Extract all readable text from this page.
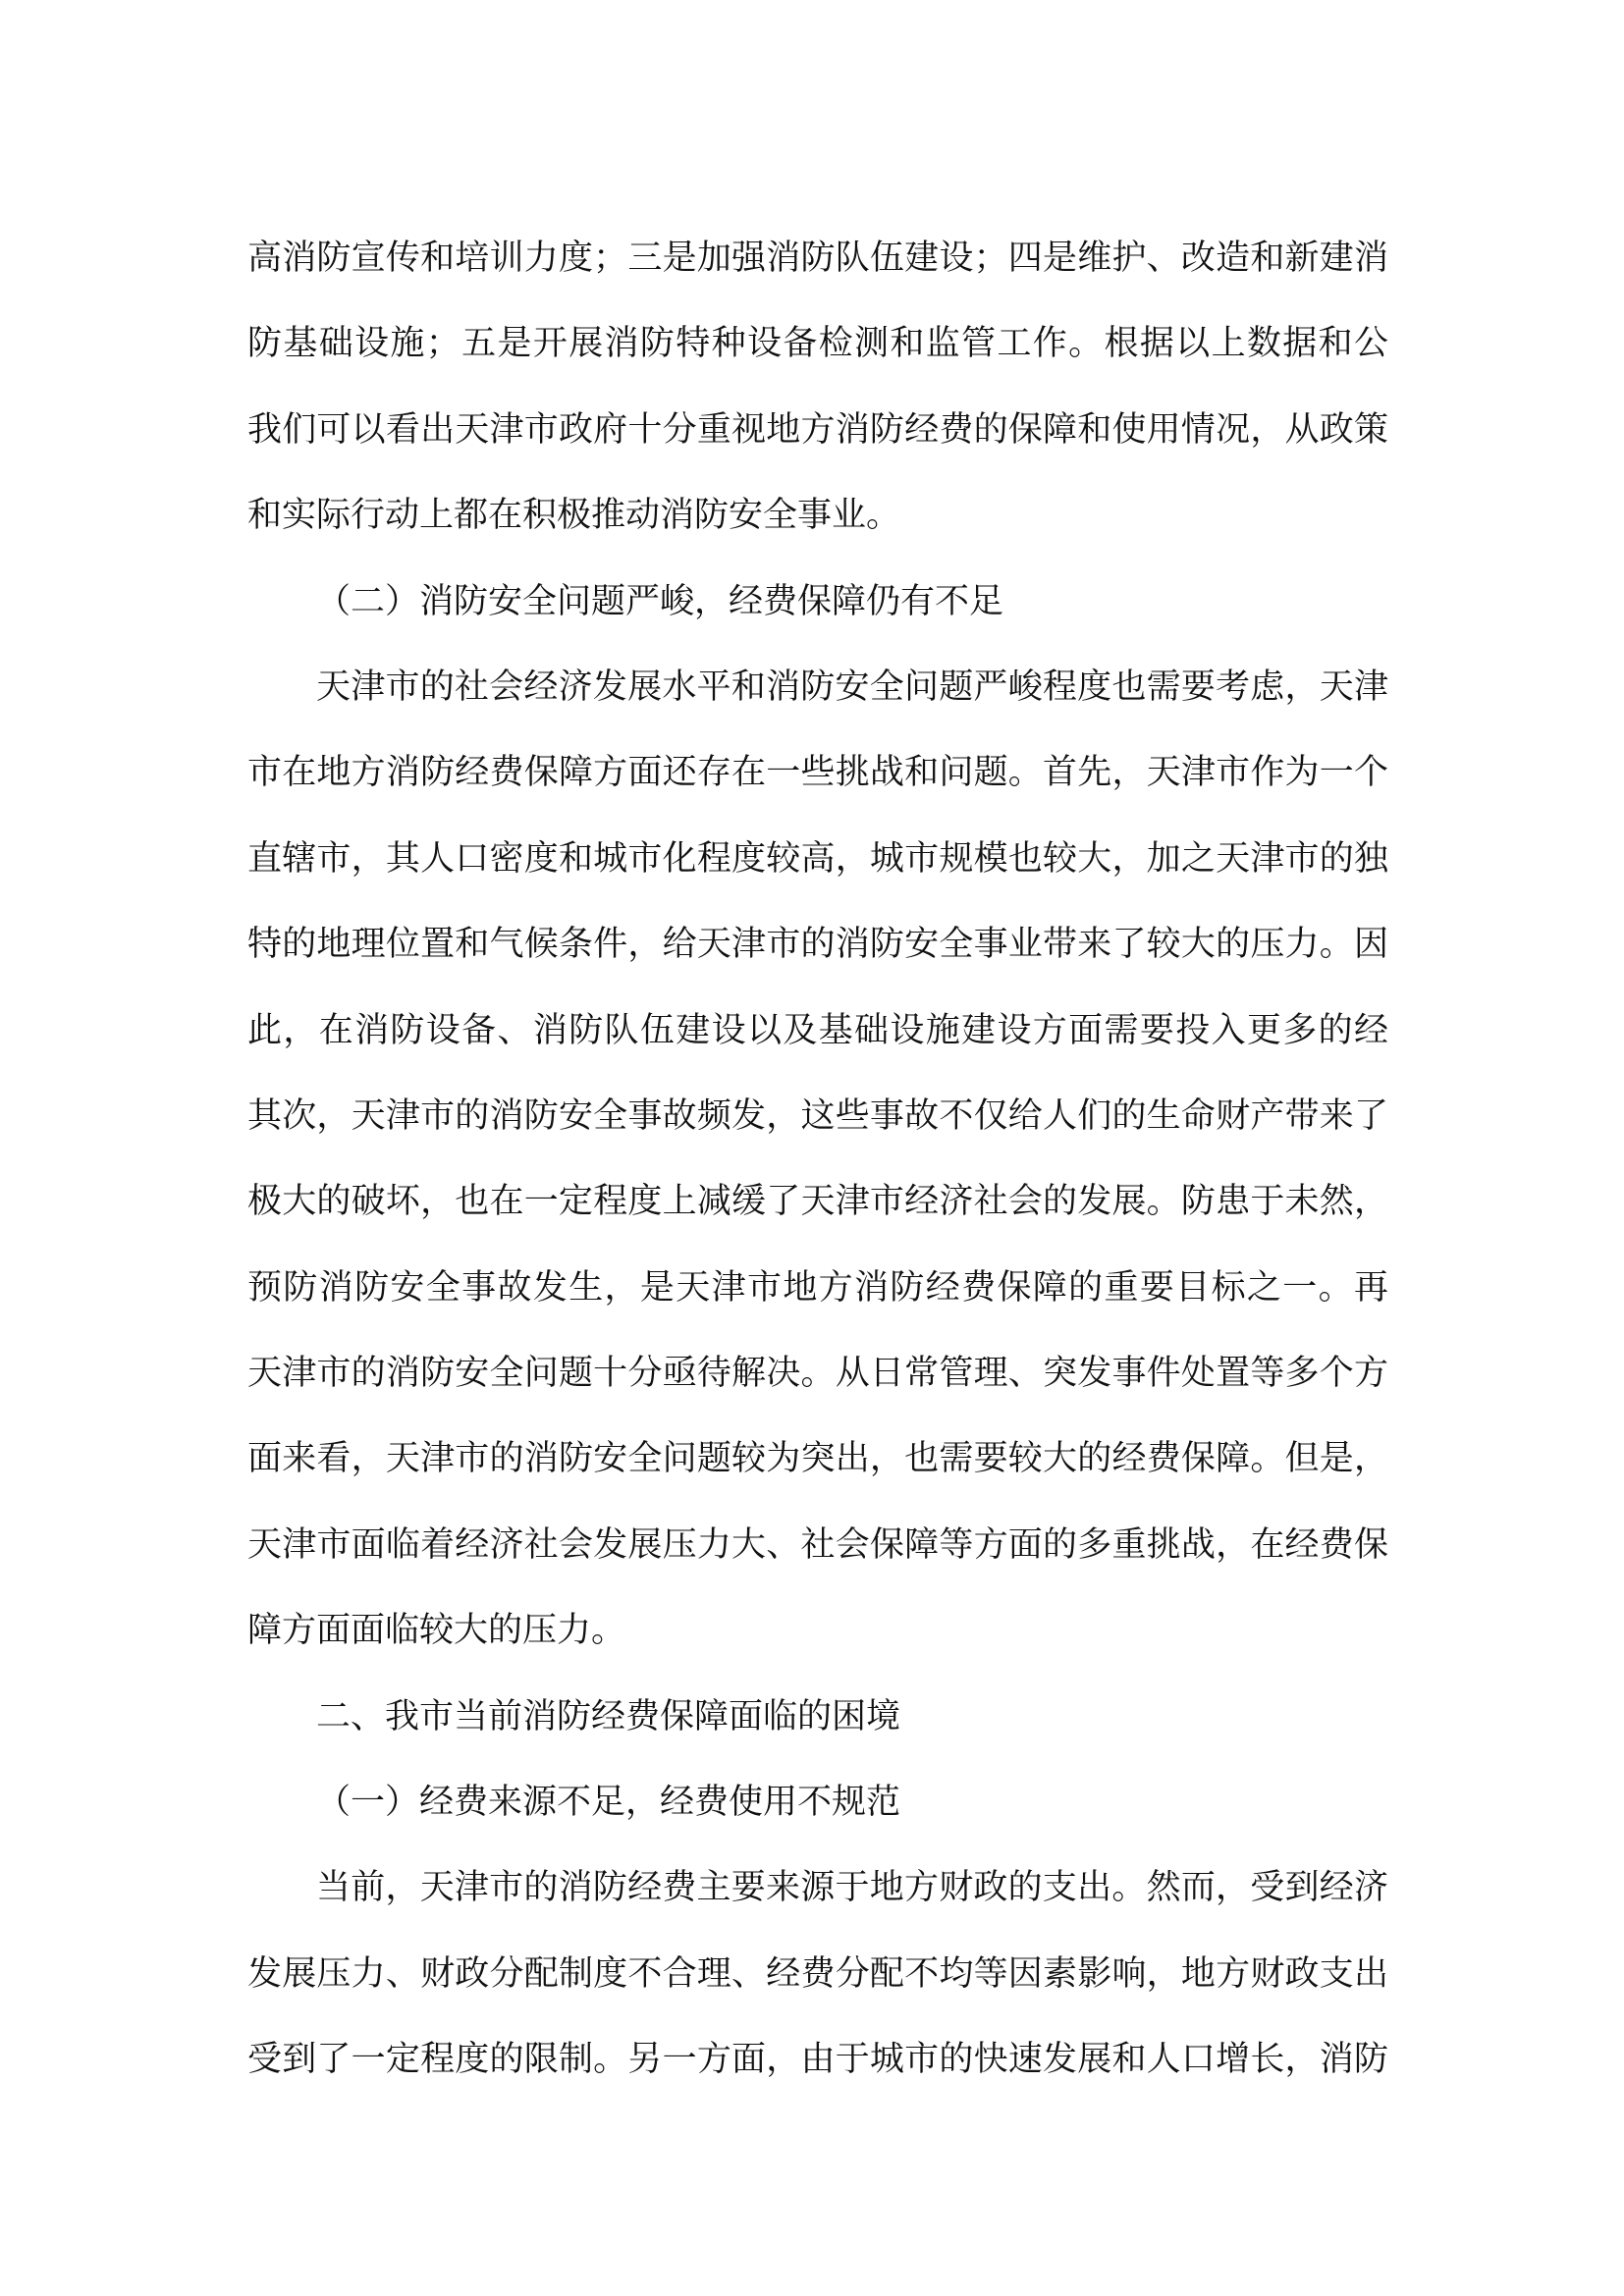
高消防宣传和培训力度；三是加强消防队伍建设；四是维护、改造和新建消
防基础设施；五是开展消防特种设备检测和监管工作。根据以上数据和公
我们可以看出天津市政府十分重视地方消防经费的保障和使用情况，从政策
和实际行动上都在积极推动消防安全事业。
（二）消防安全问题严峻，经费保障仍有不足
天津市的社会经济发展水平和消防安全问题严峻程度也需要考虑，天津
市在地方消防经费保障方面还存在一些挑战和问题。首先，天津市作为一个
直辖市，其人口密度和城市化程度较高，城市规模也较大，加之天津市的独
特的地理位置和气候条件，给天津市的消防安全事业带来了较大的压力。因
此，在消防设备、消防队伍建设以及基础设施建设方面需要投入更多的经
其次，天津市的消防安全事故频发，这些事故不仅给人们的生命财产带来了
极大的破坏，也在一定程度上减缓了天津市经济社会的发展。防患于未然，
预防消防安全事故发生，是天津市地方消防经费保障的重要目标之一。再
天津市的消防安全问题十分亟待解决。从日常管理、突发事件处置等多个方
面来看，天津市的消防安全问题较为突出，也需要较大的经费保障。但是，
天津市面临着经济社会发展压力大、社会保障等方面的多重挑战，在经费保
障方面面临较大的压力。
二、我市当前消防经费保障面临的困境
（一）经费来源不足，经费使用不规范
当前，天津市的消防经费主要来源于地方财政的支出。然而，受到经济
发展压力、财政分配制度不合理、经费分配不均等因素影响，地方财政支出
受到了一定程度的限制。另一方面，由于城市的快速发展和人口增长，消防
